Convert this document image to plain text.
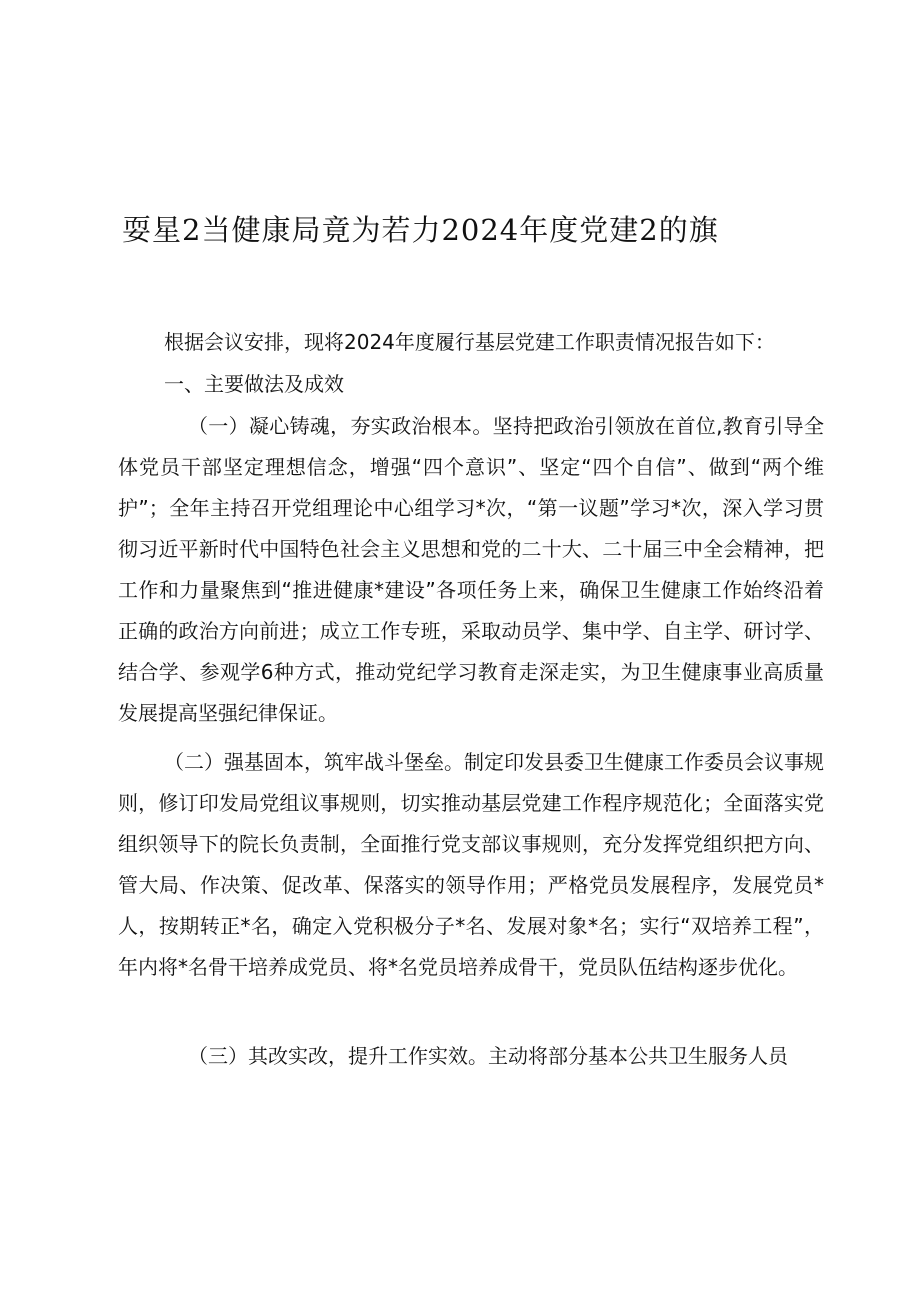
耍星2当健康局竟为若力2024年度党建2的旗
根据会议安排，现将2024年度履行基层党建工作职责情况报告如下：
一、主要做法及成效
（一）凝心铸魂，夯实政治根本。坚持把政治引领放在首位,教育引导全体党员干部坚定理想信念，增强“四个意识”、坚定“四个自信”、做到“两个维护”；全年主持召开党组理论中心组学习*次，“第一议题”学习*次，深入学习贯彻习近平新时代中国特色社会主义思想和党的二十大、二十届三中全会精神，把工作和力量聚焦到“推进健康*建设”各项任务上来，确保卫生健康工作始终沿着正确的政治方向前进；成立工作专班，采取动员学、集中学、自主学、研讨学、结合学、参观学6种方式，推动党纪学习教育走深走实，为卫生健康事业高质量发展提高坚强纪律保证。
（二）强基固本，筑牢战斗堡垒。制定印发县委卫生健康工作委员会议事规则，修订印发局党组议事规则，切实推动基层党建工作程序规范化；全面落实党组织领导下的院长负责制，全面推行党支部议事规则，充分发挥党组织把方向、管大局、作决策、促改革、保落实的领导作用；严格党员发展程序，发展党员*人，按期转正*名，确定入党积极分子*名、发展对象*名；实行“双培养工程”，年内将*名骨干培养成党员、将*名党员培养成骨干，党员队伍结构逐步优化。
（三）其改实改，提升工作实效。主动将部分基本公共卫生服务人员
